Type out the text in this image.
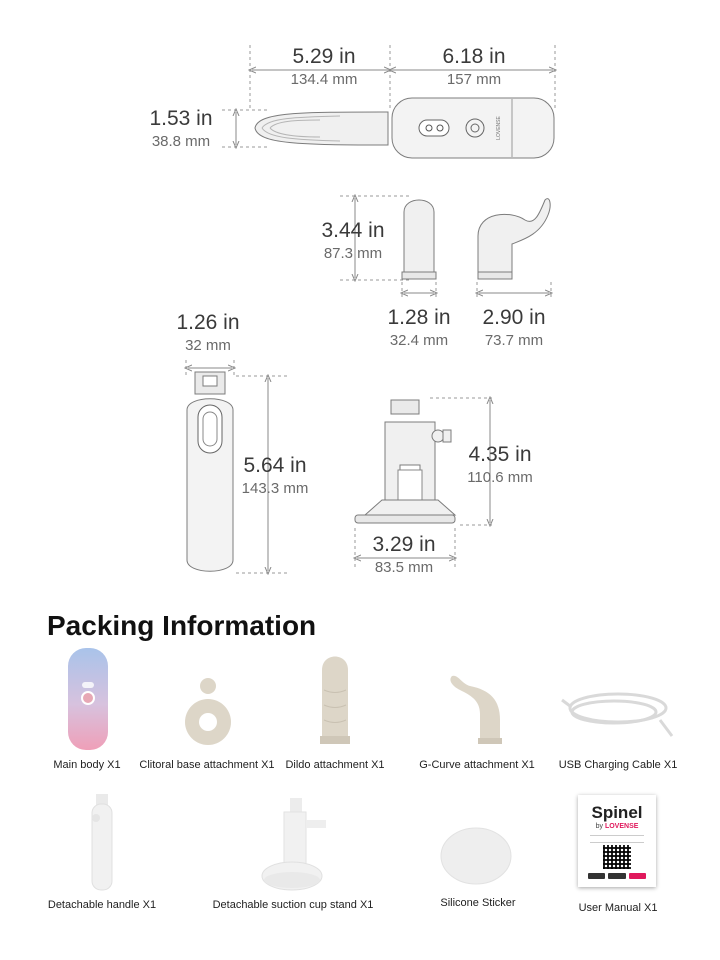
LOVENSE
5.29 in
134.4 mm
6.18 in
157 mm
1.53 in
38.8 mm
3.44 in
87.3 mm
1.28 in
32.4 mm
2.90 in
73.7 mm
1.26 in
32 mm
5.64 in
143.3 mm
4.35 in
110.6 mm
3.29 in
83.5 mm
Packing Information
Spinel
by LOVENSE
Main body X1	Clitoral base attachment X1 Dildo attachment X1	G-Curve attachment X1	USB Charging Cable X1
Detachable handle X1	Detachable suction cup stand X1	Silicone Sticker	User Manual X1
